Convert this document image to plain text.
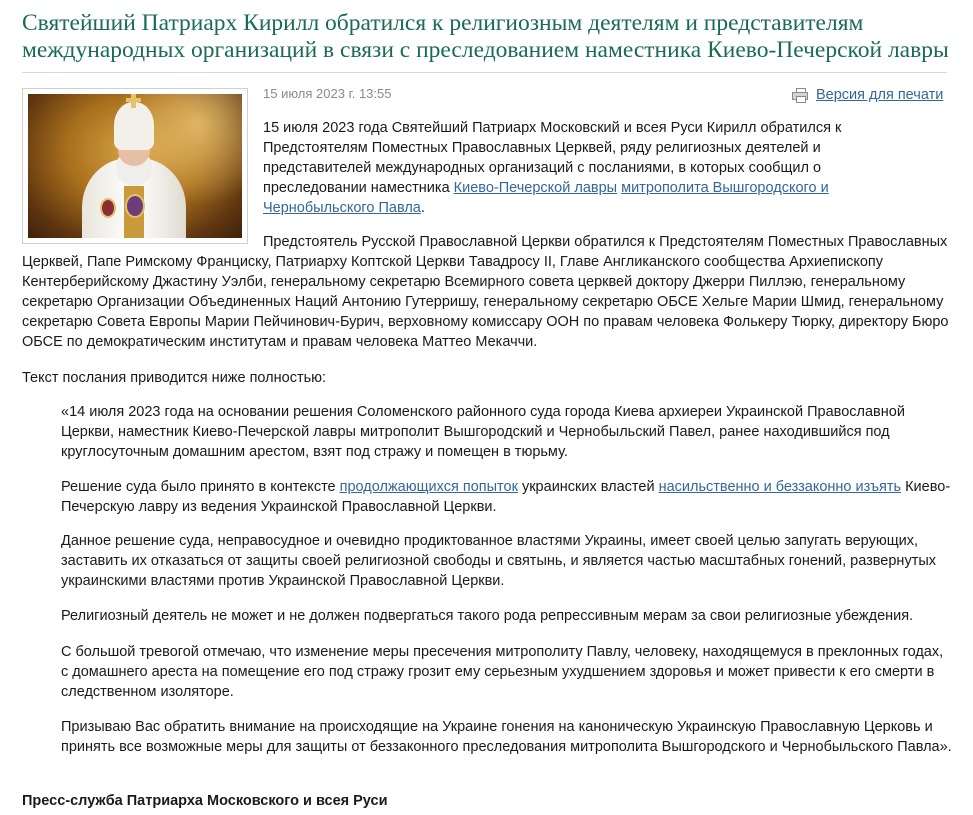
Святейший Патриарх Кирилл обратился к религиозным деятелям и представителям международных организаций в связи с преследованием наместника Киево-Печерской лавры
15 июля 2023 г. 13:55	Версия для печати

15 июля 2023 года Святейший Патриарх Московский и всея Руси Кирилл обратился к Предстоятелям Поместных Православных Церквей, ряду религиозных деятелей и представителей международных организаций с посланиями, в которых сообщил о преследовании наместника Киево-Печерской лавры митрополита Вышгородского и Чернобыльского Павла.

Предстоятель Русской Православной Церкви обратился к Предстоятелям Поместных Православных Церквей, Папе Римскому Франциску, Патриарху Коптской Церкви Тавадросу II, Главе Англиканского сообщества Архиепископу Кентерберийскому Джастину Уэлби, генеральному секретарю Всемирного совета церквей доктору Джерри Пиллэю, генеральному секретарю Организации Объединенных Наций Антонию Гутерришу, генеральному секретарю ОБСЕ Хельге Марии Шмид, генеральному секретарю Совета Европы Марии Пейчинович-Бурич, верховному комиссару ООН по правам человека Фолькеру Тюрку, директору Бюро ОБСЕ по демократическим институтам и правам человека Маттео Мекаччи.

Текст послания приводится ниже полностью:

«14 июля 2023 года на основании решения Соломенского районного суда города Киева архиереи Украинской Православной Церкви, наместник Киево-Печерской лавры митрополит Вышгородский и Чернобыльский Павел, ранее находившийся под круглосуточным домашним арестом, взят под стражу и помещен в тюрьму.

Решение суда было принято в контексте продолжающихся попыток украинских властей насильственно и беззаконно изъять Киево-Печерскую лавру из ведения Украинской Православной Церкви.

Данное решение суда, неправосудное и очевидно продиктованное властями Украины, имеет своей целью запугать верующих, заставить их отказаться от защиты своей религиозной свободы и святынь, и является частью масштабных гонений, развернутых украинскими властями против Украинской Православной Церкви.

Религиозный деятель не может и не должен подвергаться такого рода репрессивным мерам за свои религиозные убеждения.

С большой тревогой отмечаю, что изменение меры пресечения митрополиту Павлу, человеку, находящемуся в преклонных годах, с домашнего ареста на помещение его под стражу грозит ему серьезным ухудшением здоровья и может привести к его смерти в следственном изоляторе.

Призываю Вас обратить внимание на происходящие на Украине гонения на каноническую Украинскую Православную Церковь и принять все возможные меры для защиты от беззаконного преследования митрополита Вышгородского и Чернобыльского Павла».

Пресс-служба Патриарха Московского и всея Руси
